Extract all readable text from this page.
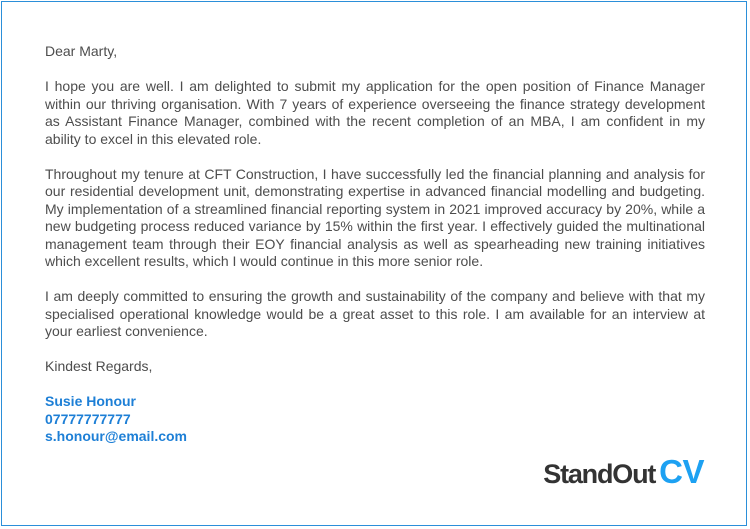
Dear Marty,

I hope you are well. I am delighted to submit my application for the open position of Finance Manager within our thriving organisation. With 7 years of experience overseeing the finance strategy development as Assistant Finance Manager, combined with the recent completion of an MBA, I am confident in my ability to excel in this elevated role.

Throughout my tenure at CFT Construction, I have successfully led the financial planning and analysis for our residential development unit, demonstrating expertise in advanced financial modelling and budgeting. My implementation of a streamlined financial reporting system in 2021 improved accuracy by 20%, while a new budgeting process reduced variance by 15% within the first year. I effectively guided the multinational management team through their EOY financial analysis as well as spearheading new training initiatives which excellent results, which I would continue in this more senior role.

I am deeply committed to ensuring the growth and sustainability of the company and believe with that my specialised operational knowledge would be a great asset to this role. I am available for an interview at your earliest convenience.

Kindest Regards,

Susie Honour
07777777777
s.honour@email.com
StandOut CV
